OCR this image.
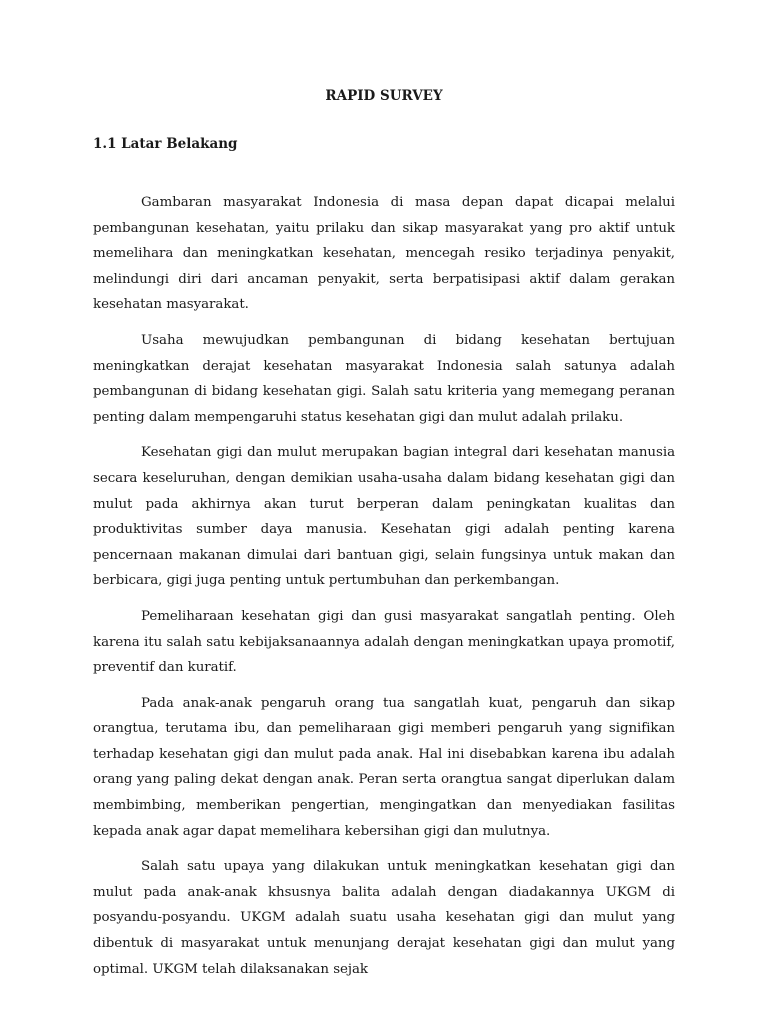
RAPID SURVEY
1.1 Latar Belakang

Gambaran masyarakat Indonesia di masa depan dapat dicapai melalui pembangunan kesehatan, yaitu prilaku dan sikap masyarakat yang pro aktif untuk memelihara dan meningkatkan kesehatan, mencegah resiko terjadinya penyakit, melindungi diri dari ancaman penyakit, serta berpatisipasi aktif dalam gerakan kesehatan masyarakat.

Usaha mewujudkan pembangunan di bidang kesehatan bertujuan meningkatkan derajat kesehatan masyarakat Indonesia salah satunya adalah pembangunan di bidang kesehatan gigi. Salah satu kriteria yang memegang peranan penting dalam mempengaruhi status kesehatan gigi dan mulut adalah prilaku.

Kesehatan gigi dan mulut merupakan bagian integral dari kesehatan manusia secara keseluruhan, dengan demikian usaha-usaha dalam bidang kesehatan gigi dan mulut pada akhirnya akan turut berperan dalam peningkatan kualitas dan produktivitas sumber daya manusia. Kesehatan gigi adalah penting karena pencernaan makanan dimulai dari bantuan gigi, selain fungsinya untuk makan dan berbicara, gigi juga penting untuk pertumbuhan dan perkembangan.

Pemeliharaan kesehatan gigi dan gusi masyarakat sangatlah penting. Oleh karena itu salah satu kebijaksanaannya adalah dengan meningkatkan upaya promotif, preventif dan kuratif.

Pada anak-anak pengaruh orang tua sangatlah kuat, pengaruh dan sikap orangtua, terutama ibu, dan pemeliharaan gigi memberi pengaruh yang signifikan terhadap kesehatan gigi dan mulut pada anak. Hal ini disebabkan karena ibu adalah orang yang paling dekat dengan anak. Peran serta orangtua sangat diperlukan dalam membimbing, memberikan pengertian, mengingatkan dan menyediakan fasilitas kepada anak agar dapat memelihara kebersihan gigi dan mulutnya.

Salah satu upaya yang dilakukan untuk meningkatkan kesehatan gigi dan mulut pada anak-anak khsusnya balita adalah dengan diadakannya UKGM di posyandu-posyandu. UKGM adalah suatu usaha kesehatan gigi dan mulut yang dibentuk di masyarakat untuk menunjang derajat kesehatan gigi dan mulut yang optimal. UKGM telah dilaksanakan sejak
